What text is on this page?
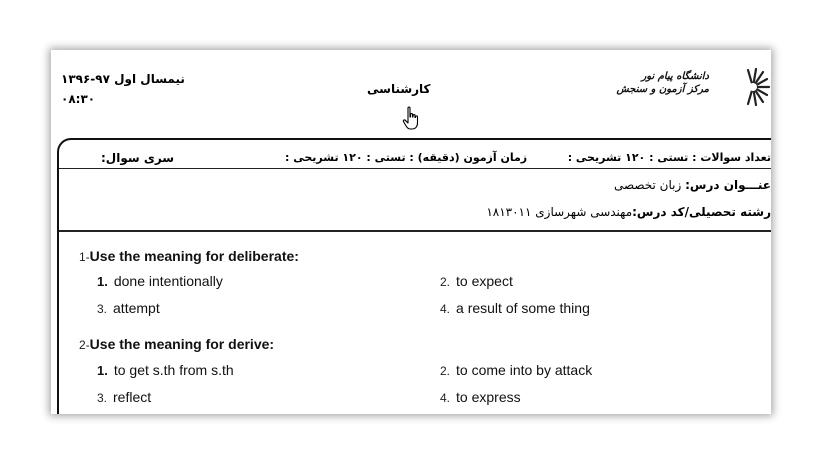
نیمسال اول ۹۷-۱۳۹۶
۰۸:۳۰
کارشناسی
دانشگاه پیام نور
مرکز آزمون و سنجش
سری سوال:	زمان آزمون (دقیقه) : تستی : ۱۲۰ تشریحی :	تعداد سوالات : تستی : ۱۲۰ تشریحی :
عنـــوان درس: زبان تخصصی
رشته تحصیلی/کد درس:مهندسی شهرسازی ۱۸۱۳۰۱۱
1-Use the meaning for deliberate:
1. done intentionally	2. to expect
3. attempt	4. a result of some thing
2-Use the meaning for derive:
1. to get s.th from s.th	2. to come into by attack
3. reflect	4. to express
